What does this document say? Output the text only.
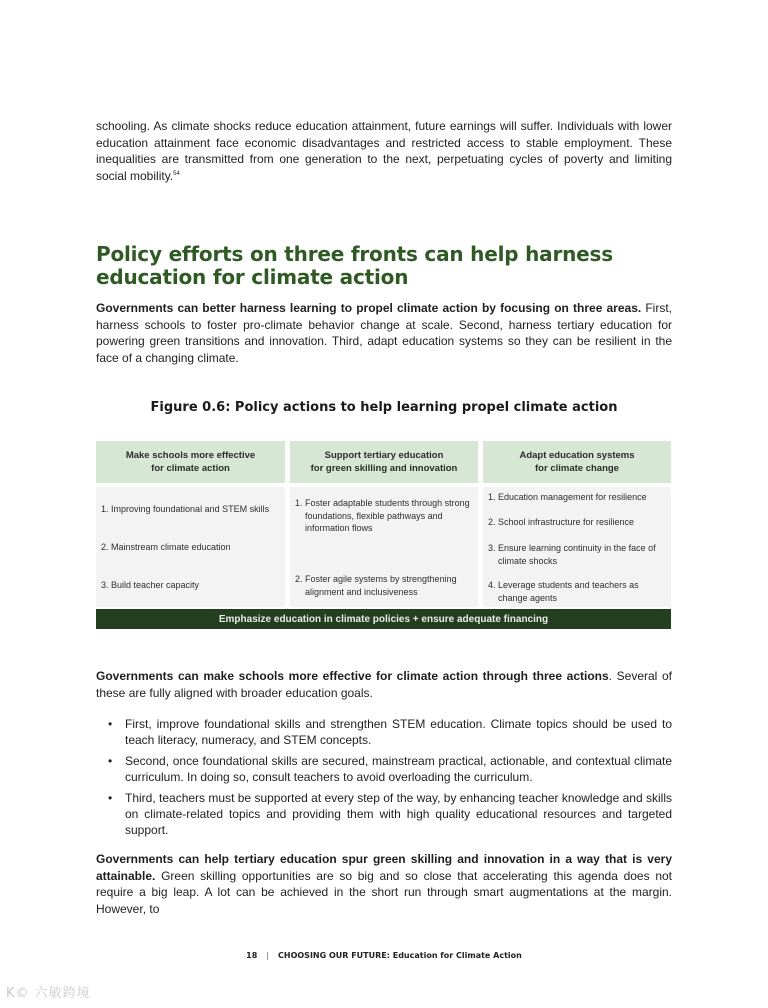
schooling. As climate shocks reduce education attainment, future earnings will suffer. Individuals with lower education attainment face economic disadvantages and restricted access to stable employment. These inequalities are transmitted from one generation to the next, perpetuating cycles of poverty and limiting social mobility.$^{54}$

Policy efforts on three fronts can help harness education for climate action

Governments can better harness learning to propel climate action by focusing on three areas. First, harness schools to foster pro-climate behavior change at scale. Second, harness tertiary education for powering green transitions and innovation. Third, adapt education systems so they can be resilient in the face of a changing climate.

Figure 0.6: Policy actions to help learning propel climate action
Make schools more effective
for climate action
1. Improving foundational and STEM skills
2. Mainstream climate education
3. Build teacher capacity
Support tertiary education
for green skilling and innovation
1. Foster adaptable students through strong foundations, flexible pathways and information flows
2. Foster agile systems by strengthening alignment and inclusiveness
Adapt education systems
for climate change
1. Education management for resilience
2. School infrastructure for resilience
3. Ensure learning continuity in the face of climate shocks
4. Leverage students and teachers as change agents
Emphasize education in climate policies + ensure adequate financing

Governments can make schools more effective for climate action through three actions. Several of these are fully aligned with broader education goals.

• First, improve foundational skills and strengthen STEM education. Climate topics should be used to teach literacy, numeracy, and STEM concepts.
• Second, once foundational skills are secured, mainstream practical, actionable, and contextual climate curriculum. In doing so, consult teachers to avoid overloading the curriculum.
• Third, teachers must be supported at every step of the way, by enhancing teacher knowledge and skills on climate-related topics and providing them with high quality educational resources and targeted support.

Governments can help tertiary education spur green skilling and innovation in a way that is very attainable. Green skilling opportunities are so big and so close that accelerating this agenda does not require a big leap. A lot can be achieved in the short run through smart augmentations at the margin. However, to

18 | CHOOSING OUR FUTURE: Education for Climate Action
K© 六敏跨境
